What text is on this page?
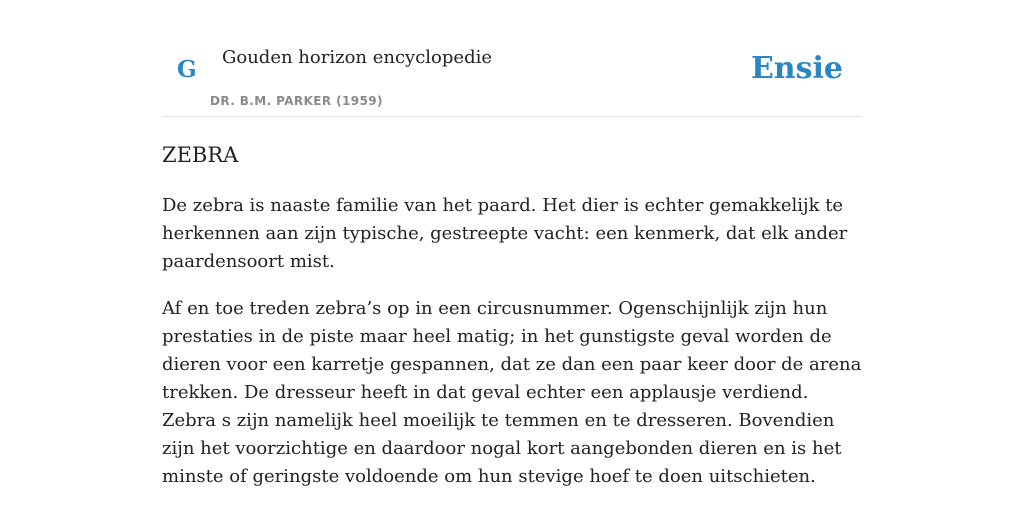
G Gouden horizon encyclopedie
DR. B.M. PARKER (1959)
Ensie
ZEBRA

De zebra is naaste familie van het paard. Het dier is echter gemakkelijk te herkennen aan zijn typische, gestreepte vacht: een kenmerk, dat elk ander paardensoort mist.

Af en toe treden zebra’s op in een circusnummer. Ogenschijnlijk zijn hun prestaties in de piste maar heel matig; in het gunstigste geval worden de dieren voor een karretje gespannen, dat ze dan een paar keer door de arena trekken. De dresseur heeft in dat geval echter een applausje verdiend. Zebra s zijn namelijk heel moeilijk te temmen en te dresseren. Bovendien zijn het voorzichtige en daardoor nogal kort aangebonden dieren en is het minste of geringste voldoende om hun stevige hoef te doen uitschieten.
